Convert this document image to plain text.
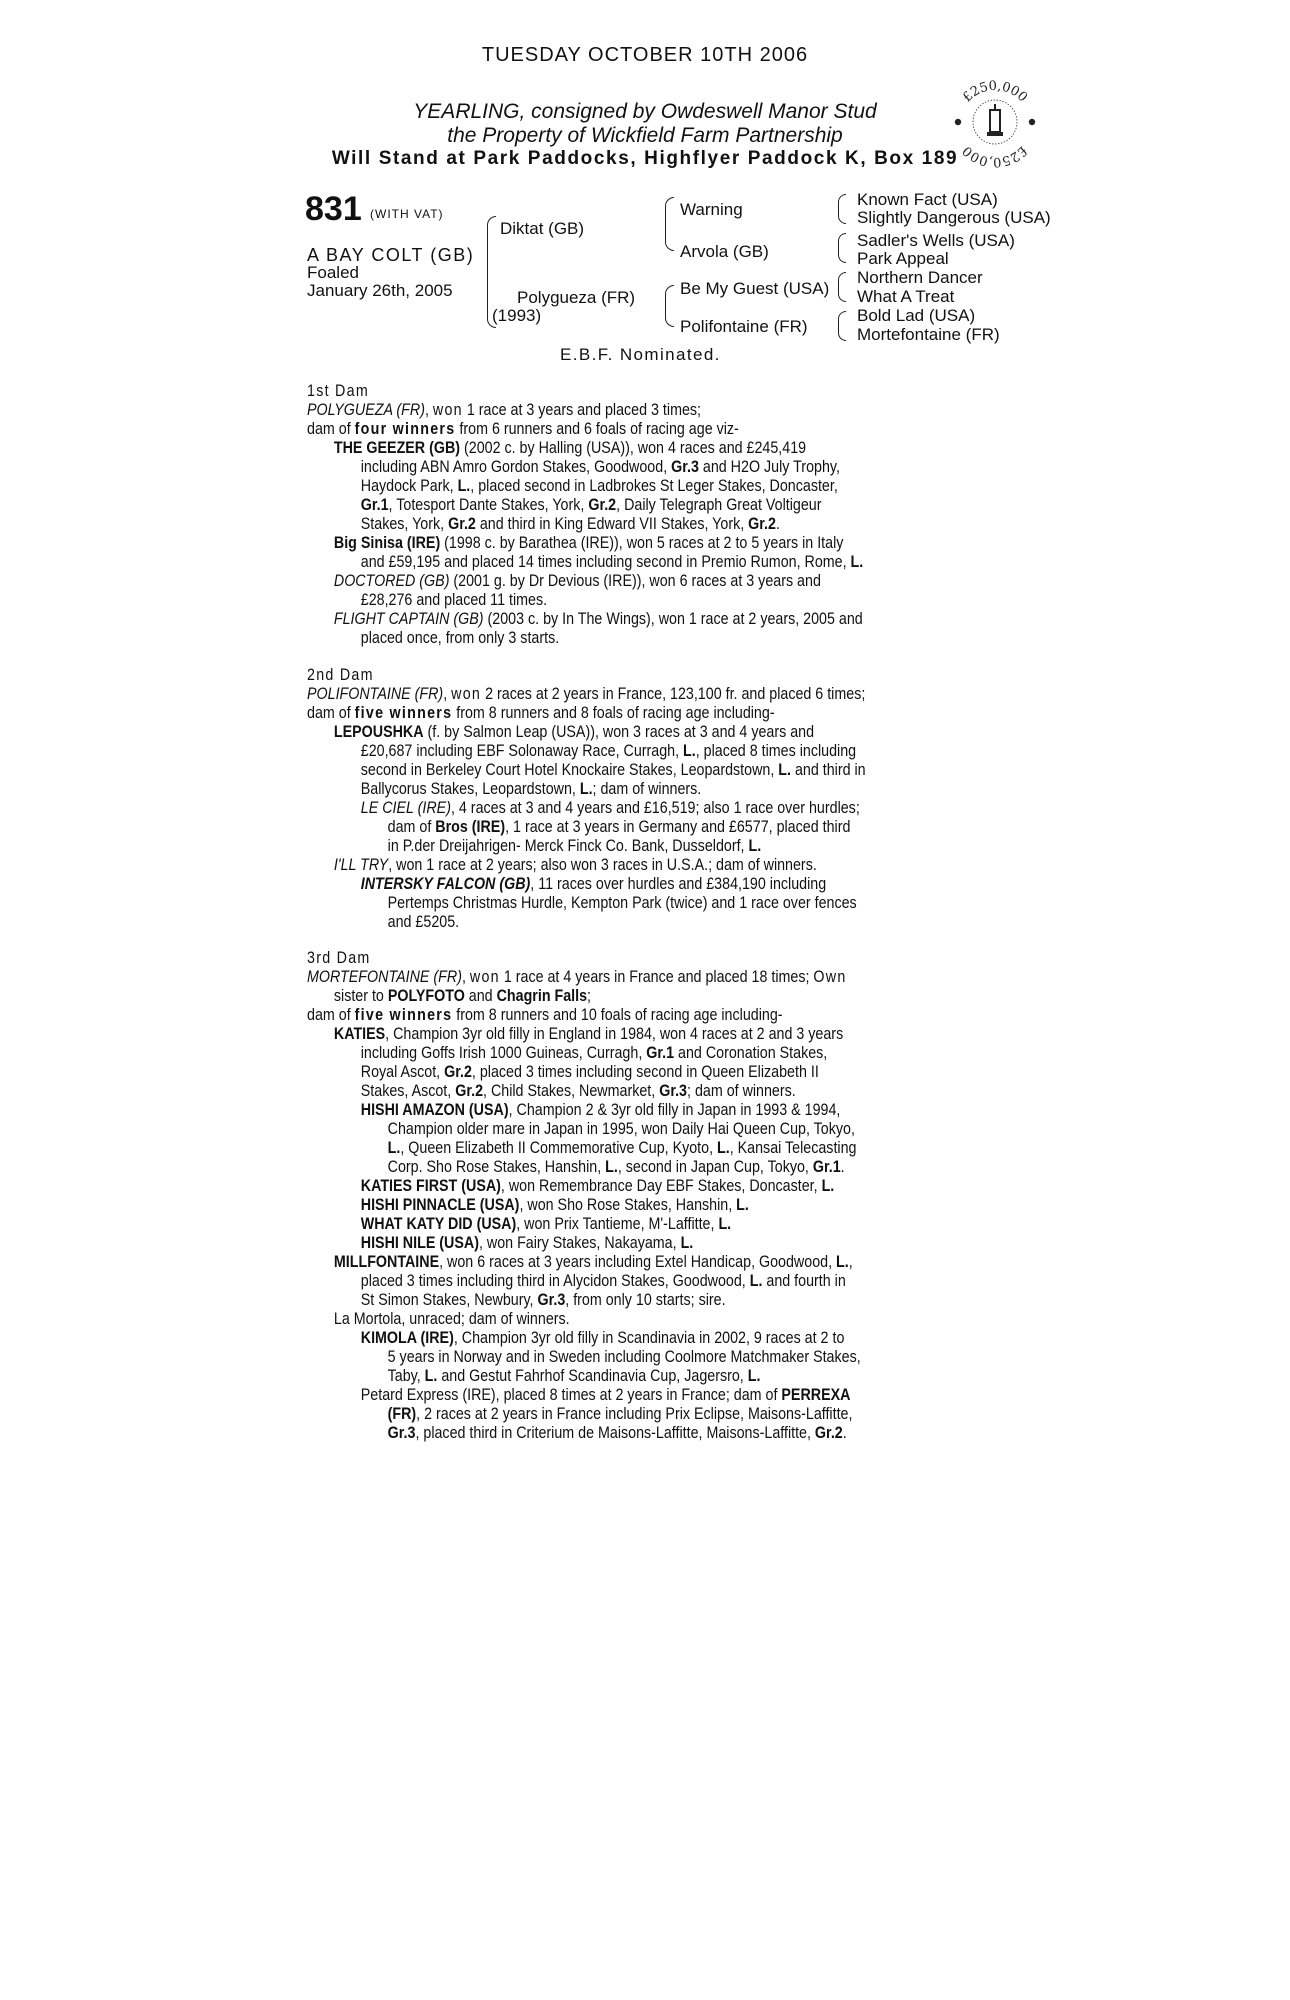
TUESDAY OCTOBER 10TH 2006
YEARLING, consigned by Owdeswell Manor Stud
the Property of Wickfield Farm Partnership
Will Stand at Park Paddocks, Highflyer Paddock K, Box 189
£250,000
£250,000
831 (WITH VAT)
A BAY COLT (GB)
Foaled
January 26th, 2005
Diktat (GB)
Polygueza (FR)
(1993)
Warning
Arvola (GB)
Be My Guest (USA)
Polifontaine (FR)
Known Fact (USA)
Slightly Dangerous (USA)
Sadler's Wells (USA)
Park Appeal
Northern Dancer
What A Treat
Bold Lad (USA)
Mortefontaine (FR)
E.B.F. Nominated.
1st Dam
POLYGUEZA (FR), won 1 race at 3 years and placed 3 times;
dam of four winners from 6 runners and 6 foals of racing age viz-
THE GEEZER (GB) (2002 c. by Halling (USA)), won 4 races and £245,419
including ABN Amro Gordon Stakes, Goodwood, Gr.3 and H2O July Trophy,
Haydock Park, L., placed second in Ladbrokes St Leger Stakes, Doncaster,
Gr.1, Totesport Dante Stakes, York, Gr.2, Daily Telegraph Great Voltigeur
Stakes, York, Gr.2 and third in King Edward VII Stakes, York, Gr.2.
Big Sinisa (IRE) (1998 c. by Barathea (IRE)), won 5 races at 2 to 5 years in Italy
and £59,195 and placed 14 times including second in Premio Rumon, Rome, L.
DOCTORED (GB) (2001 g. by Dr Devious (IRE)), won 6 races at 3 years and
£28,276 and placed 11 times.
FLIGHT CAPTAIN (GB) (2003 c. by In The Wings), won 1 race at 2 years, 2005 and
placed once, from only 3 starts.
2nd Dam
POLIFONTAINE (FR), won 2 races at 2 years in France, 123,100 fr. and placed 6 times;
dam of five winners from 8 runners and 8 foals of racing age including-
LEPOUSHKA (f. by Salmon Leap (USA)), won 3 races at 3 and 4 years and
£20,687 including EBF Solonaway Race, Curragh, L., placed 8 times including
second in Berkeley Court Hotel Knockaire Stakes, Leopardstown, L. and third in
Ballycorus Stakes, Leopardstown, L.; dam of winners.
LE CIEL (IRE), 4 races at 3 and 4 years and £16,519; also 1 race over hurdles;
dam of Bros (IRE), 1 race at 3 years in Germany and £6577, placed third
in P.der Dreijahrigen- Merck Finck Co. Bank, Dusseldorf, L.
I'LL TRY, won 1 race at 2 years; also won 3 races in U.S.A.; dam of winners.
INTERSKY FALCON (GB), 11 races over hurdles and £384,190 including
Pertemps Christmas Hurdle, Kempton Park (twice) and 1 race over fences
and £5205.
3rd Dam
MORTEFONTAINE (FR), won 1 race at 4 years in France and placed 18 times; Own
sister to POLYFOTO and Chagrin Falls;
dam of five winners from 8 runners and 10 foals of racing age including-
KATIES, Champion 3yr old filly in England in 1984, won 4 races at 2 and 3 years
including Goffs Irish 1000 Guineas, Curragh, Gr.1 and Coronation Stakes,
Royal Ascot, Gr.2, placed 3 times including second in Queen Elizabeth II
Stakes, Ascot, Gr.2, Child Stakes, Newmarket, Gr.3; dam of winners.
HISHI AMAZON (USA), Champion 2 & 3yr old filly in Japan in 1993 & 1994,
Champion older mare in Japan in 1995, won Daily Hai Queen Cup, Tokyo,
L., Queen Elizabeth II Commemorative Cup, Kyoto, L., Kansai Telecasting
Corp. Sho Rose Stakes, Hanshin, L., second in Japan Cup, Tokyo, Gr.1.
KATIES FIRST (USA), won Remembrance Day EBF Stakes, Doncaster, L.
HISHI PINNACLE (USA), won Sho Rose Stakes, Hanshin, L.
WHAT KATY DID (USA), won Prix Tantieme, M'-Laffitte, L.
HISHI NILE (USA), won Fairy Stakes, Nakayama, L.
MILLFONTAINE, won 6 races at 3 years including Extel Handicap, Goodwood, L.,
placed 3 times including third in Alycidon Stakes, Goodwood, L. and fourth in
St Simon Stakes, Newbury, Gr.3, from only 10 starts; sire.
La Mortola, unraced; dam of winners.
KIMOLA (IRE), Champion 3yr old filly in Scandinavia in 2002, 9 races at 2 to
5 years in Norway and in Sweden including Coolmore Matchmaker Stakes,
Taby, L. and Gestut Fahrhof Scandinavia Cup, Jagersro, L.
Petard Express (IRE), placed 8 times at 2 years in France; dam of PERREXA
(FR), 2 races at 2 years in France including Prix Eclipse, Maisons-Laffitte,
Gr.3, placed third in Criterium de Maisons-Laffitte, Maisons-Laffitte, Gr.2.
